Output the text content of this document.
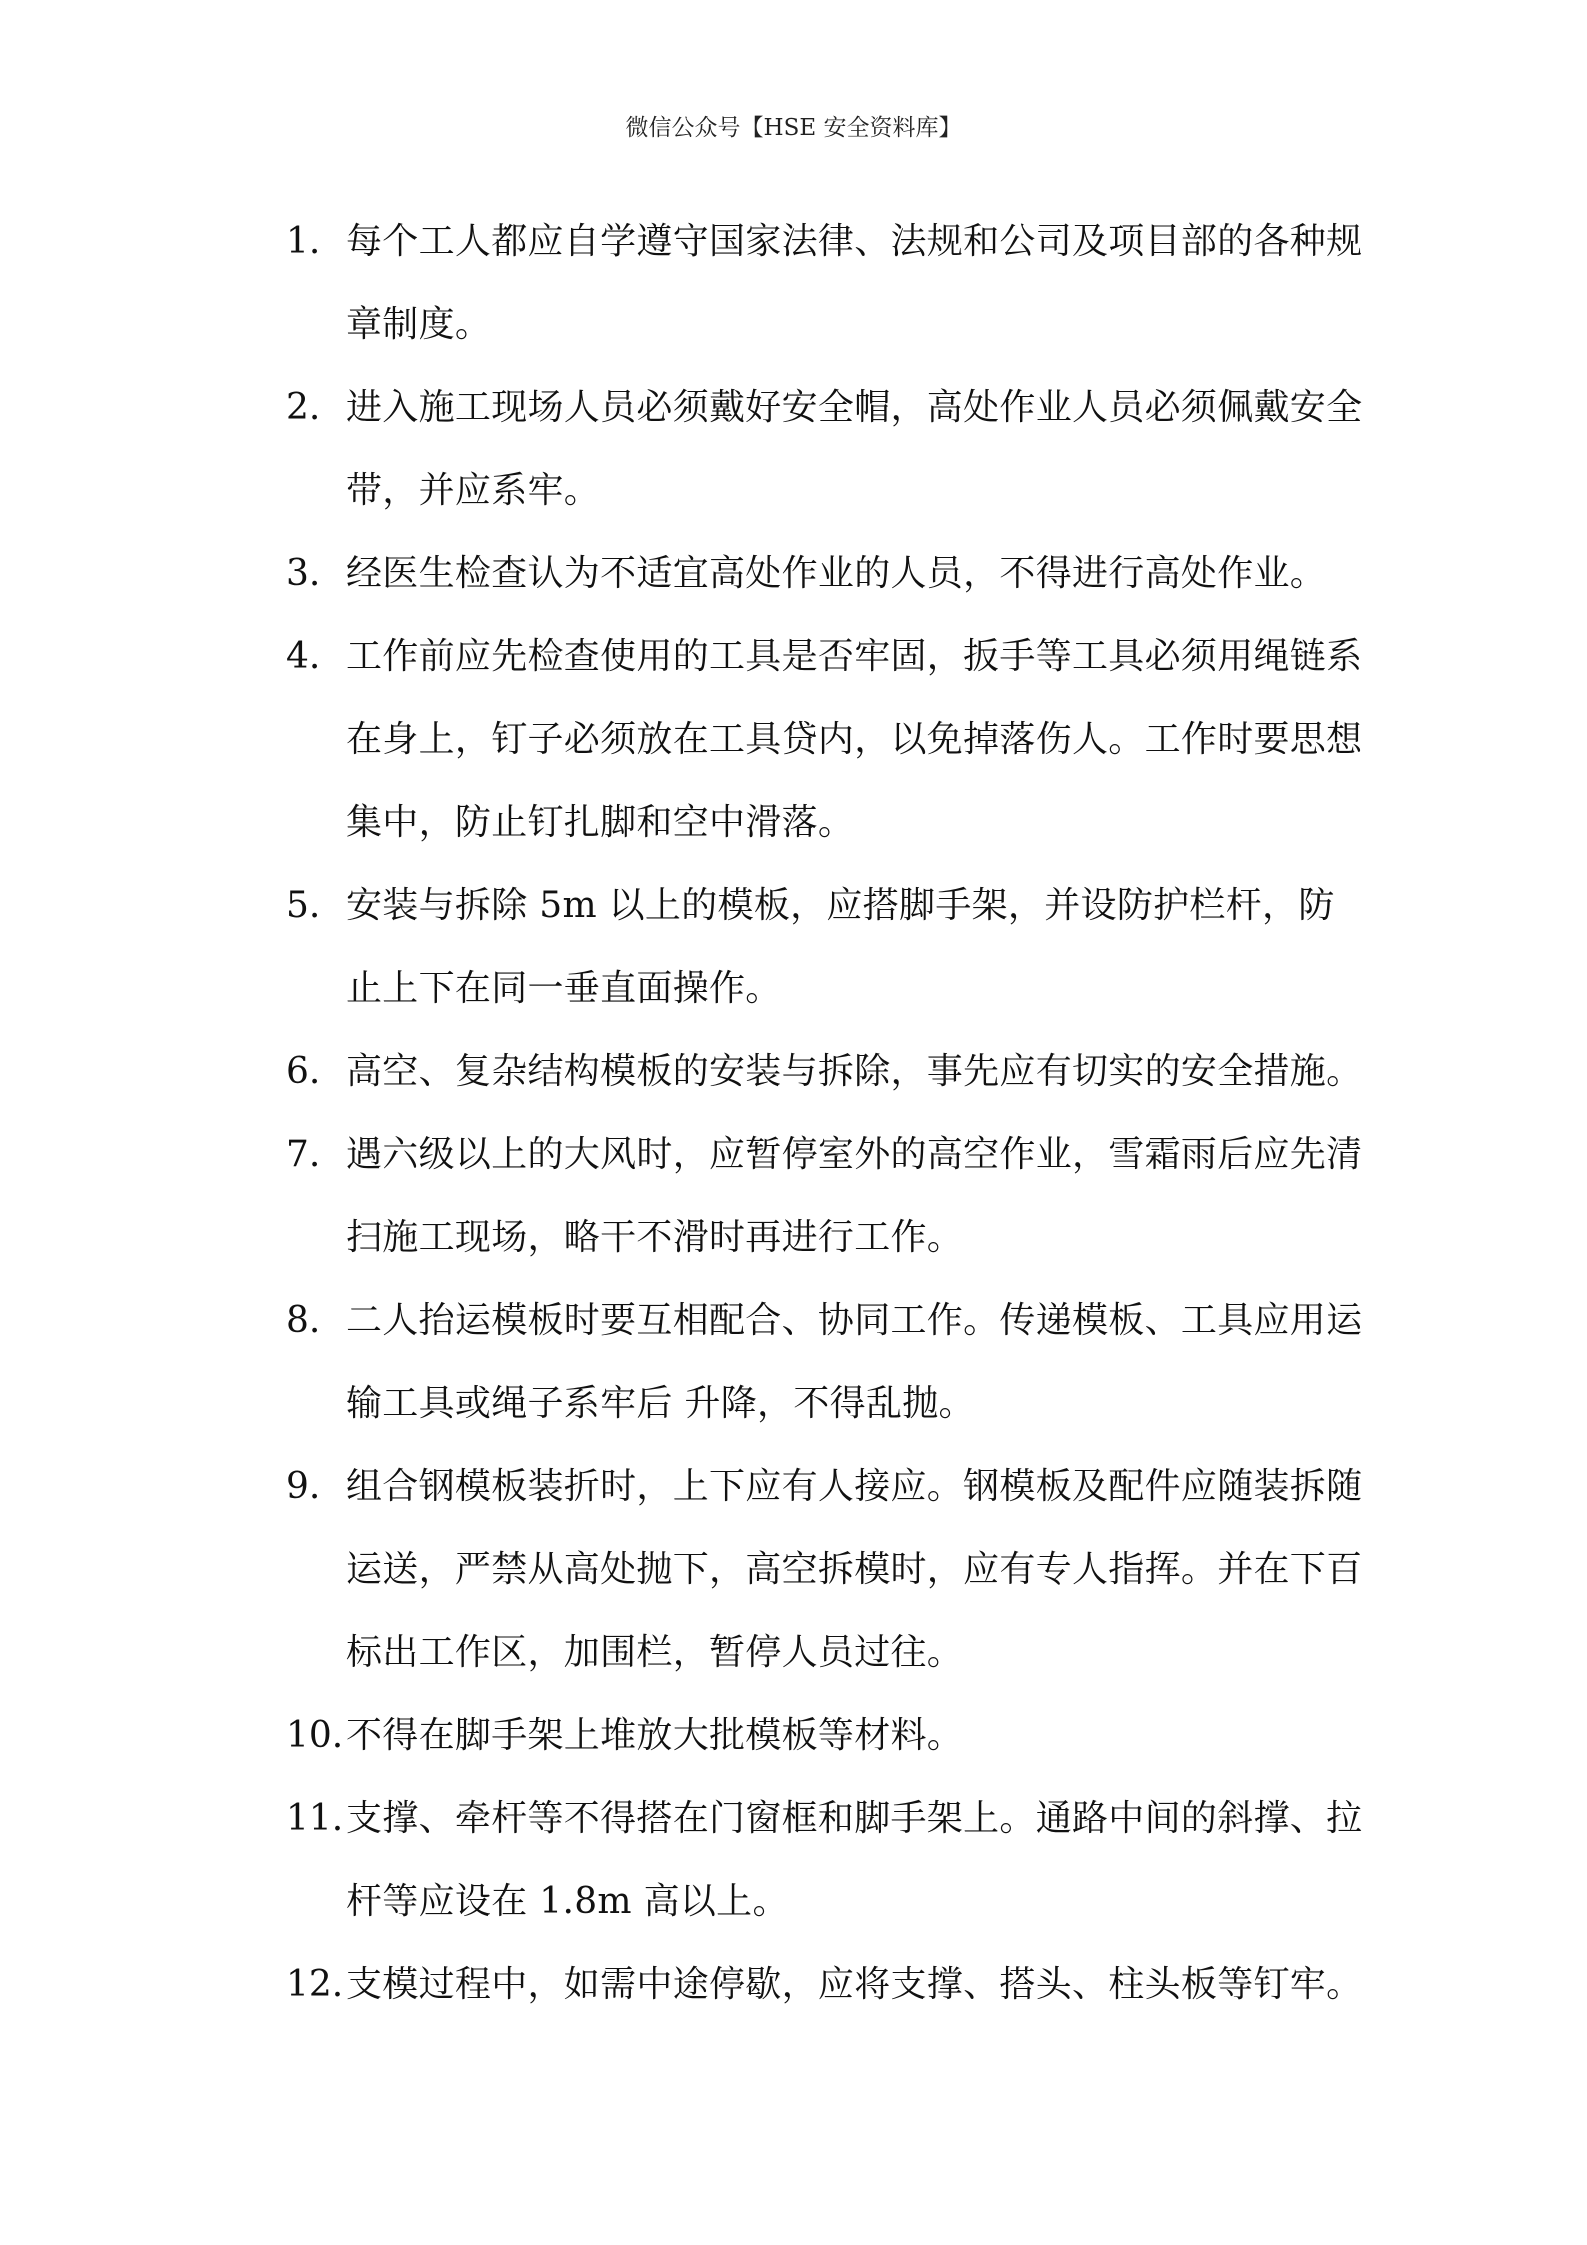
微信公众号【HSE 安全资料库】
1. 每个工人都应自学遵守国家法律、法规和公司及项目部的各种规章制度。
2. 进入施工现场人员必须戴好安全帽，高处作业人员必须佩戴安全带，并应系牢。
3. 经医生检查认为不适宜高处作业的人员，不得进行高处作业。
4. 工作前应先检查使用的工具是否牢固，扳手等工具必须用绳链系在身上，钉子必须放在工具贷内，以免掉落伤人。工作时要思想集中，防止钉扎脚和空中滑落。
5. 安装与拆除 5m 以上的模板，应搭脚手架，并设防护栏杆，防止上下在同一垂直面操作。
6. 高空、复杂结构模板的安装与拆除，事先应有切实的安全措施。
7. 遇六级以上的大风时，应暂停室外的高空作业，雪霜雨后应先清扫施工现场，略干不滑时再进行工作。
8. 二人抬运模板时要互相配合、协同工作。传递模板、工具应用运输工具或绳子系牢后 升降，不得乱抛。
9. 组合钢模板装折时，上下应有人接应。钢模板及配件应随装拆随运送，严禁从高处抛下，高空拆模时，应有专人指挥。并在下百标出工作区，加围栏，暂停人员过往。
10. 不得在脚手架上堆放大批模板等材料。
11. 支撑、牵杆等不得搭在门窗框和脚手架上。通路中间的斜撑、拉杆等应设在 1.8m 高以上。
12. 支模过程中，如需中途停歇，应将支撑、搭头、柱头板等钉牢。
